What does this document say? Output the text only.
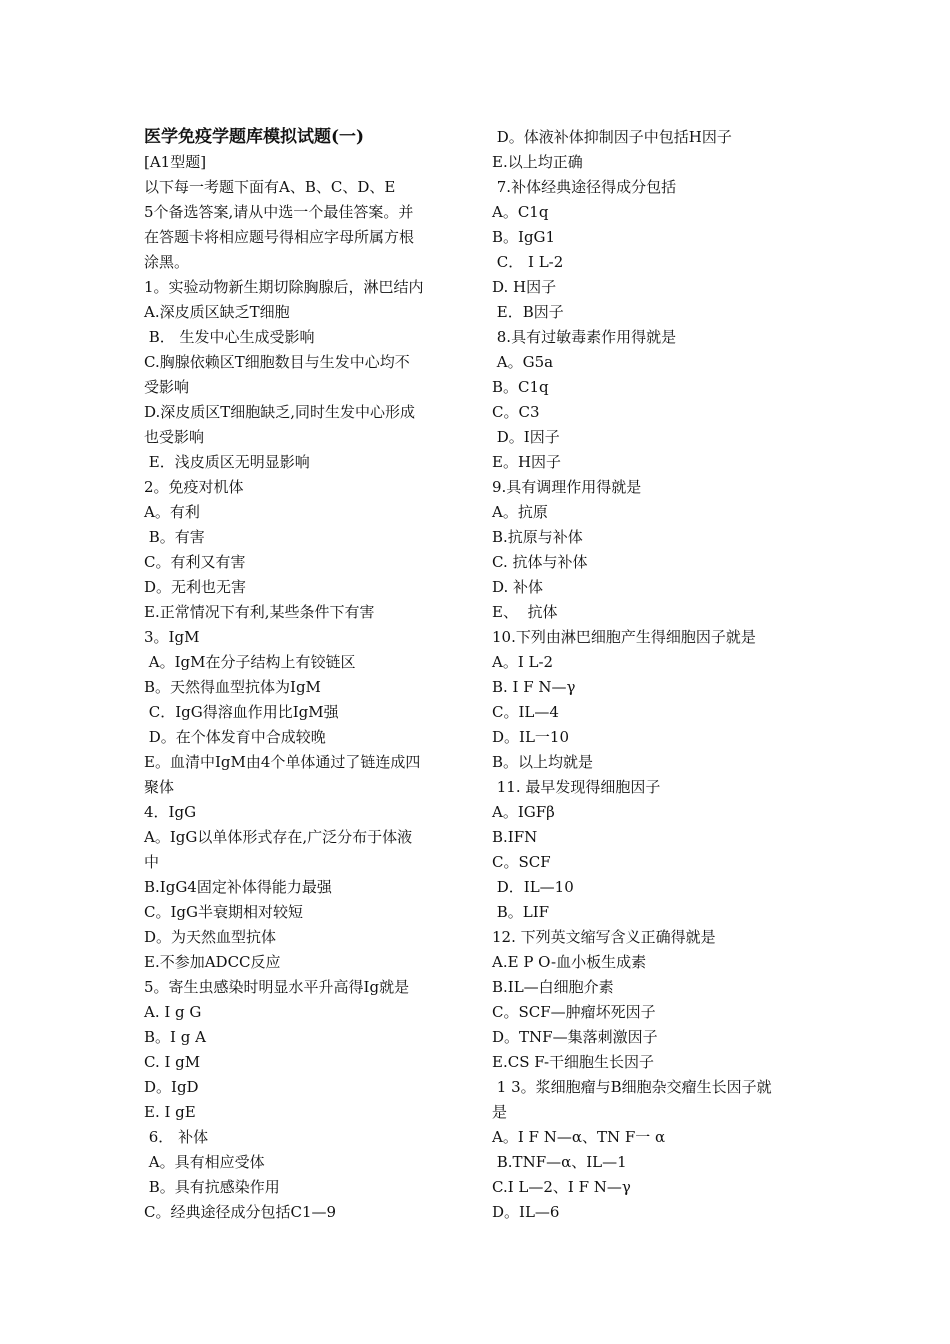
医学免疫学题库模拟试题(一)
[A1型题]
以下每一考题下面有A、B、C、D、E
5个备选答案,请从中选一个最佳答案。并
在答题卡将相应题号得相应字母所属方根
涂黑。
1。实验动物新生期切除胸腺后，淋巴结内
A.深皮质区缺乏T细胞
B． 生发中心生成受影响
C.胸腺依赖区T细胞数目与生发中心均不
受影响
D.深皮质区T细胞缺乏,同时生发中心形成
也受影响
E．浅皮质区无明显影响
2。免疫对机体
A。有利
B。有害
C。有利又有害
D。无利也无害
E.正常情况下有利,某些条件下有害
3。IgM
A。IgM在分子结构上有铰链区
B。天然得血型抗体为IgM
C．IgG得溶血作用比IgM强
D。在个体发育中合成较晚
E。血清中IgM由4个单体通过了链连成四
聚体
4．IgG
A。IgG以单体形式存在,广泛分布于体液
中
B.IgG4固定补体得能力最强
C。IgG半衰期相对较短
D。为天然血型抗体
E.不参加ADCC反应
5。寄生虫感染时明显水平升高得Ig就是
A. I g G
B。I g A
C. I gM
D。IgD
E. I gE
6． 补体
A。具有相应受体
B。具有抗感染作用
C。经典途径成分包括C1—9
D。体液补体抑制因子中包括H因子
E.以上均正确
7.补体经典途径得成分包括
A。C1q
B。IgG1
C． I L-2
D. H因子
E．B因子
8.具有过敏毒素作用得就是
A。G5a
B。C1q
C。C3
D。I因子
E。H因子
9.具有调理作用得就是
A。抗原
B.抗原与补体
C. 抗体与补体
D. 补体
E、  抗体
10.下列由淋巴细胞产生得细胞因子就是
A。I L-2
B. I F N—γ
C。IL—4
D。IL一10
B。以上均就是
11. 最早发现得细胞因子
A。IGFβ
B.IFN
C。SCF
D．IL—10
B。LIF
12. 下列英文缩写含义正确得就是
A.E P O-血小板生成素
B.IL—白细胞介素
C。SCF—肿瘤坏死因子
D。TNF—集落刺激因子
E.CS F-干细胞生长因子
1 3。浆细胞瘤与B细胞杂交瘤生长因子就
是
A。I F N—α、TN F一 α
B.TNF—α、IL—1
C.I L—2、I F N—γ
D。IL—6
